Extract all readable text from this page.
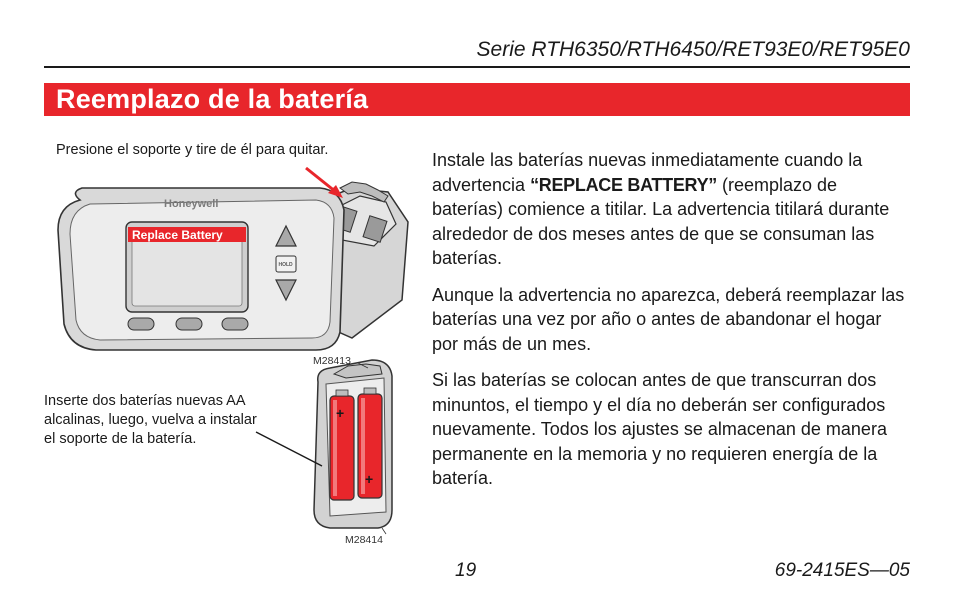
Serie RTH6350/RTH6450/RET93E0/RET95E0
Reemplazo de la batería
Presione el soporte y tire de él para quitar.
Honeywell
Replace Battery
HOLD
+
+
M28413
M28414
Inserte dos baterías nuevas AA alcalinas, luego, vuelva a instalar el soporte de la batería.

Instale las baterías nuevas inmediatamente cuando la advertencia “REPLACE BATTERY” (reemplazo de baterías) comience a titilar. La advertencia titilará durante alrededor de dos meses antes de que se consuman las baterías.

Aunque la advertencia no aparezca, deberá reemplazar las baterías una vez por año o antes de abandonar el hogar por más de un mes.

Si las baterías se colocan antes de que transcurran dos minuntos, el tiempo y el día no deberán ser configurados nuevamente. Todos los ajustes se almacenan de manera permanente en la memoria y no requieren energía de la batería.

19	69-2415ES—05
